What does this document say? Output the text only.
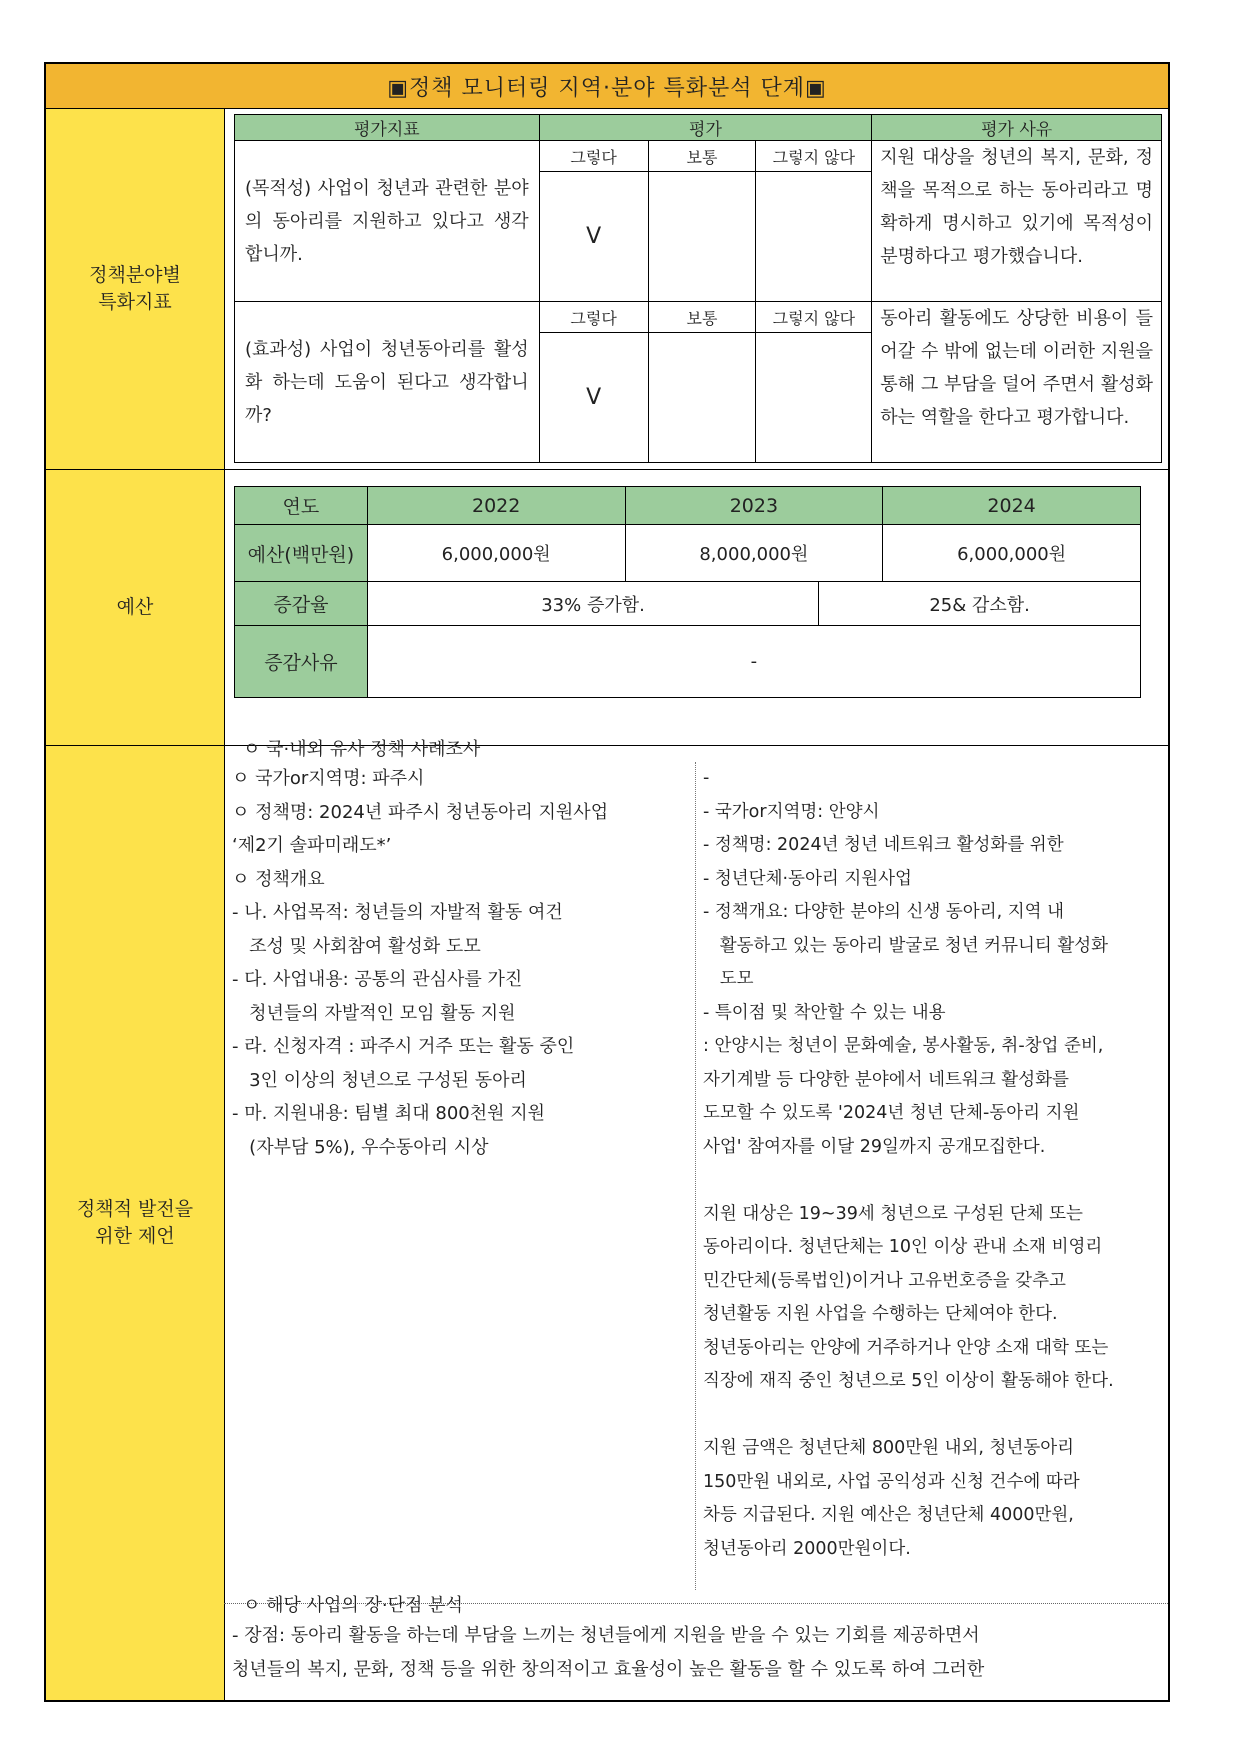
▣정책 모니터링 지역·분야 특화분석 단계▣
정책분야별
특화지표
예산
정책적 발전을
위한 제언
평가지표	평가			평가 사유
(목적성) 사업이 청년과 관련한 분야의 동아리를 지원하고 있다고 생각합니까.	그렇다	보통	그렇지 않다	지원 대상을 청년의 복지, 문화, 정책을 목적으로 하는 동아리라고 명확하게 명시하고 있기에 목적성이 분명하다고 평가했습니다.
	V			
(효과성) 사업이 청년동아리를 활성화 하는데 도움이 된다고 생각합니까?	그렇다	보통	그렇지 않다	동아리 활동에도 상당한 비용이 들어갈 수 밖에 없는데 이러한 지원을 통해 그 부담을 덜어 주면서 활성화 하는 역할을 한다고 평가합니다.
	V			
연도	2022	2023		2024
예산(백만원)	6,000,000원	8,000,000원		6,000,000원
증감율	33% 증가함.		25& 감소함.	
증감사유	-			
ㅇ 국·내외 유사 정책 사례조사
ㅇ 국가or지역명: 파주시
ㅇ 정책명: 2024년 파주시 청년동아리 지원사업
‘제2기 솔파미래도*’
ㅇ 정책개요
- 나. 사업목적: 청년들의 자발적 활동 여건
조성 및 사회참여 활성화 도모
- 다. 사업내용: 공통의 관심사를 가진
청년들의 자발적인 모임 활동 지원
- 라. 신청자격 : 파주시 거주 또는 활동 중인
3인 이상의 청년으로 구성된 동아리
- 마. 지원내용: 팀별 최대 800천원 지원
(자부담 5%), 우수동아리 시상
-
- 국가or지역명: 안양시
- 정책명: 2024년 청년 네트워크 활성화를 위한
- 청년단체·동아리 지원사업
- 정책개요: 다양한 분야의 신생 동아리, 지역 내
활동하고 있는 동아리 발굴로 청년 커뮤니티 활성화
도모
- 특이점 및 착안할 수 있는 내용
: 안양시는 청년이 문화예술, 봉사활동, 취-창업 준비,
자기계발 등 다양한 분야에서 네트워크 활성화를
도모할 수 있도록 '2024년 청년 단체-동아리 지원
사업' 참여자를 이달 29일까지 공개모집한다.

지원 대상은 19~39세 청년으로 구성된 단체 또는
동아리이다. 청년단체는 10인 이상 관내 소재 비영리
민간단체(등록법인)이거나 고유번호증을 갖추고
청년활동 지원 사업을 수행하는 단체여야 한다.
청년동아리는 안양에 거주하거나 안양 소재 대학 또는
직장에 재직 중인 청년으로 5인 이상이 활동해야 한다.

지원 금액은 청년단체 800만원 내외, 청년동아리
150만원 내외로, 사업 공익성과 신청 건수에 따라
차등 지급된다. 지원 예산은 청년단체 4000만원,
청년동아리 2000만원이다.
ㅇ 해당 사업의 장·단점 분석
- 장점: 동아리 활동을 하는데 부담을 느끼는 청년들에게 지원을 받을 수 있는 기회를 제공하면서
청년들의 복지, 문화, 정책 등을 위한 창의적이고 효율성이 높은 활동을 할 수 있도록 하여 그러한
